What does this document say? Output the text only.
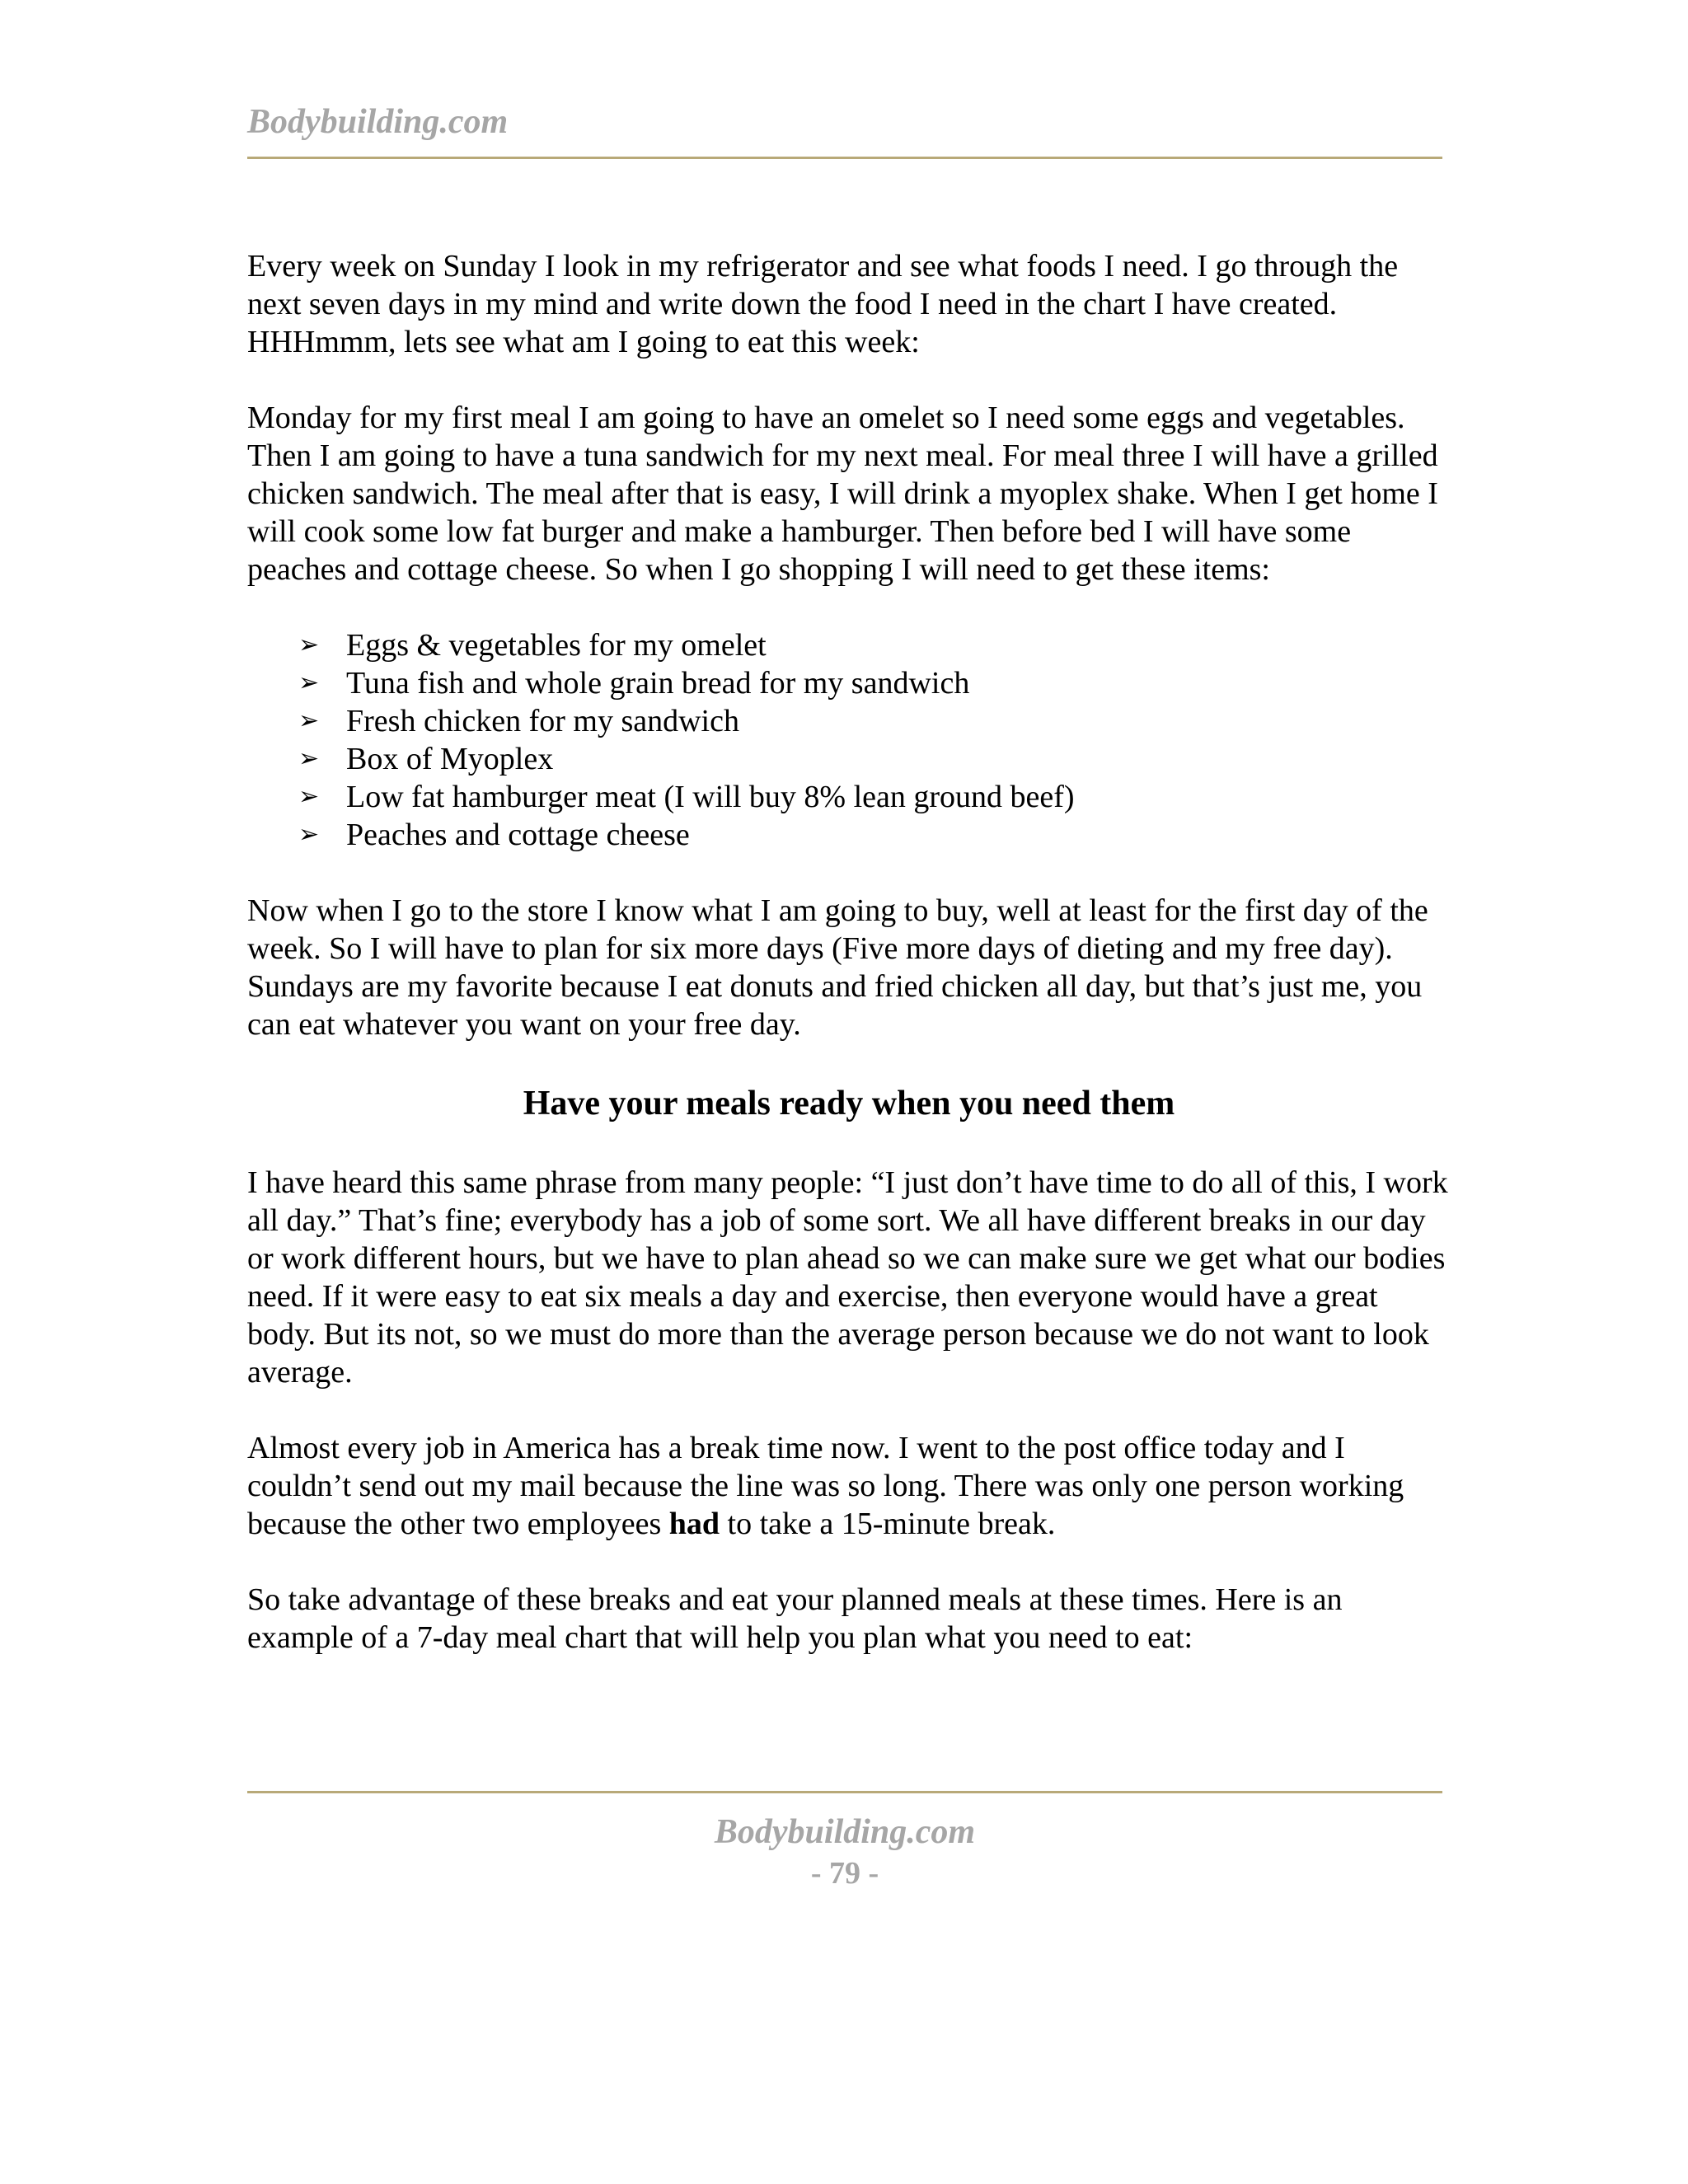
Bodybuilding.com

Every week on Sunday I look in my refrigerator and see what foods I need. I go through the next seven days in my mind and write down the food I need in the chart I have created. HHHmmm, lets see what am I going to eat this week:

Monday for my first meal I am going to have an omelet so I need some eggs and vegetables. Then I am going to have a tuna sandwich for my next meal. For meal three I will have a grilled chicken sandwich. The meal after that is easy, I will drink a myoplex shake. When I get home I will cook some low fat burger and make a hamburger. Then before bed I will have some peaches and cottage cheese. So when I go shopping I will need to get these items:

➢ Eggs & vegetables for my omelet
➢ Tuna fish and whole grain bread for my sandwich
➢ Fresh chicken for my sandwich
➢ Box of Myoplex
➢ Low fat hamburger meat (I will buy 8% lean ground beef)
➢ Peaches and cottage cheese

Now when I go to the store I know what I am going to buy, well at least for the first day of the week. So I will have to plan for six more days (Five more days of dieting and my free day). Sundays are my favorite because I eat donuts and fried chicken all day, but that’s just me, you can eat whatever you want on your free day.

Have your meals ready when you need them

I have heard this same phrase from many people: “I just don’t have time to do all of this, I work all day.” That’s fine; everybody has a job of some sort. We all have different breaks in our day or work different hours, but we have to plan ahead so we can make sure we get what our bodies need. If it were easy to eat six meals a day and exercise, then everyone would have a great body. But its not, so we must do more than the average person because we do not want to look average.

Almost every job in America has a break time now. I went to the post office today and I couldn’t send out my mail because the line was so long. There was only one person working because the other two employees had to take a 15-minute break.

So take advantage of these breaks and eat your planned meals at these times. Here is an example of a 7-day meal chart that will help you plan what you need to eat:

Bodybuilding.com
- 79 -
